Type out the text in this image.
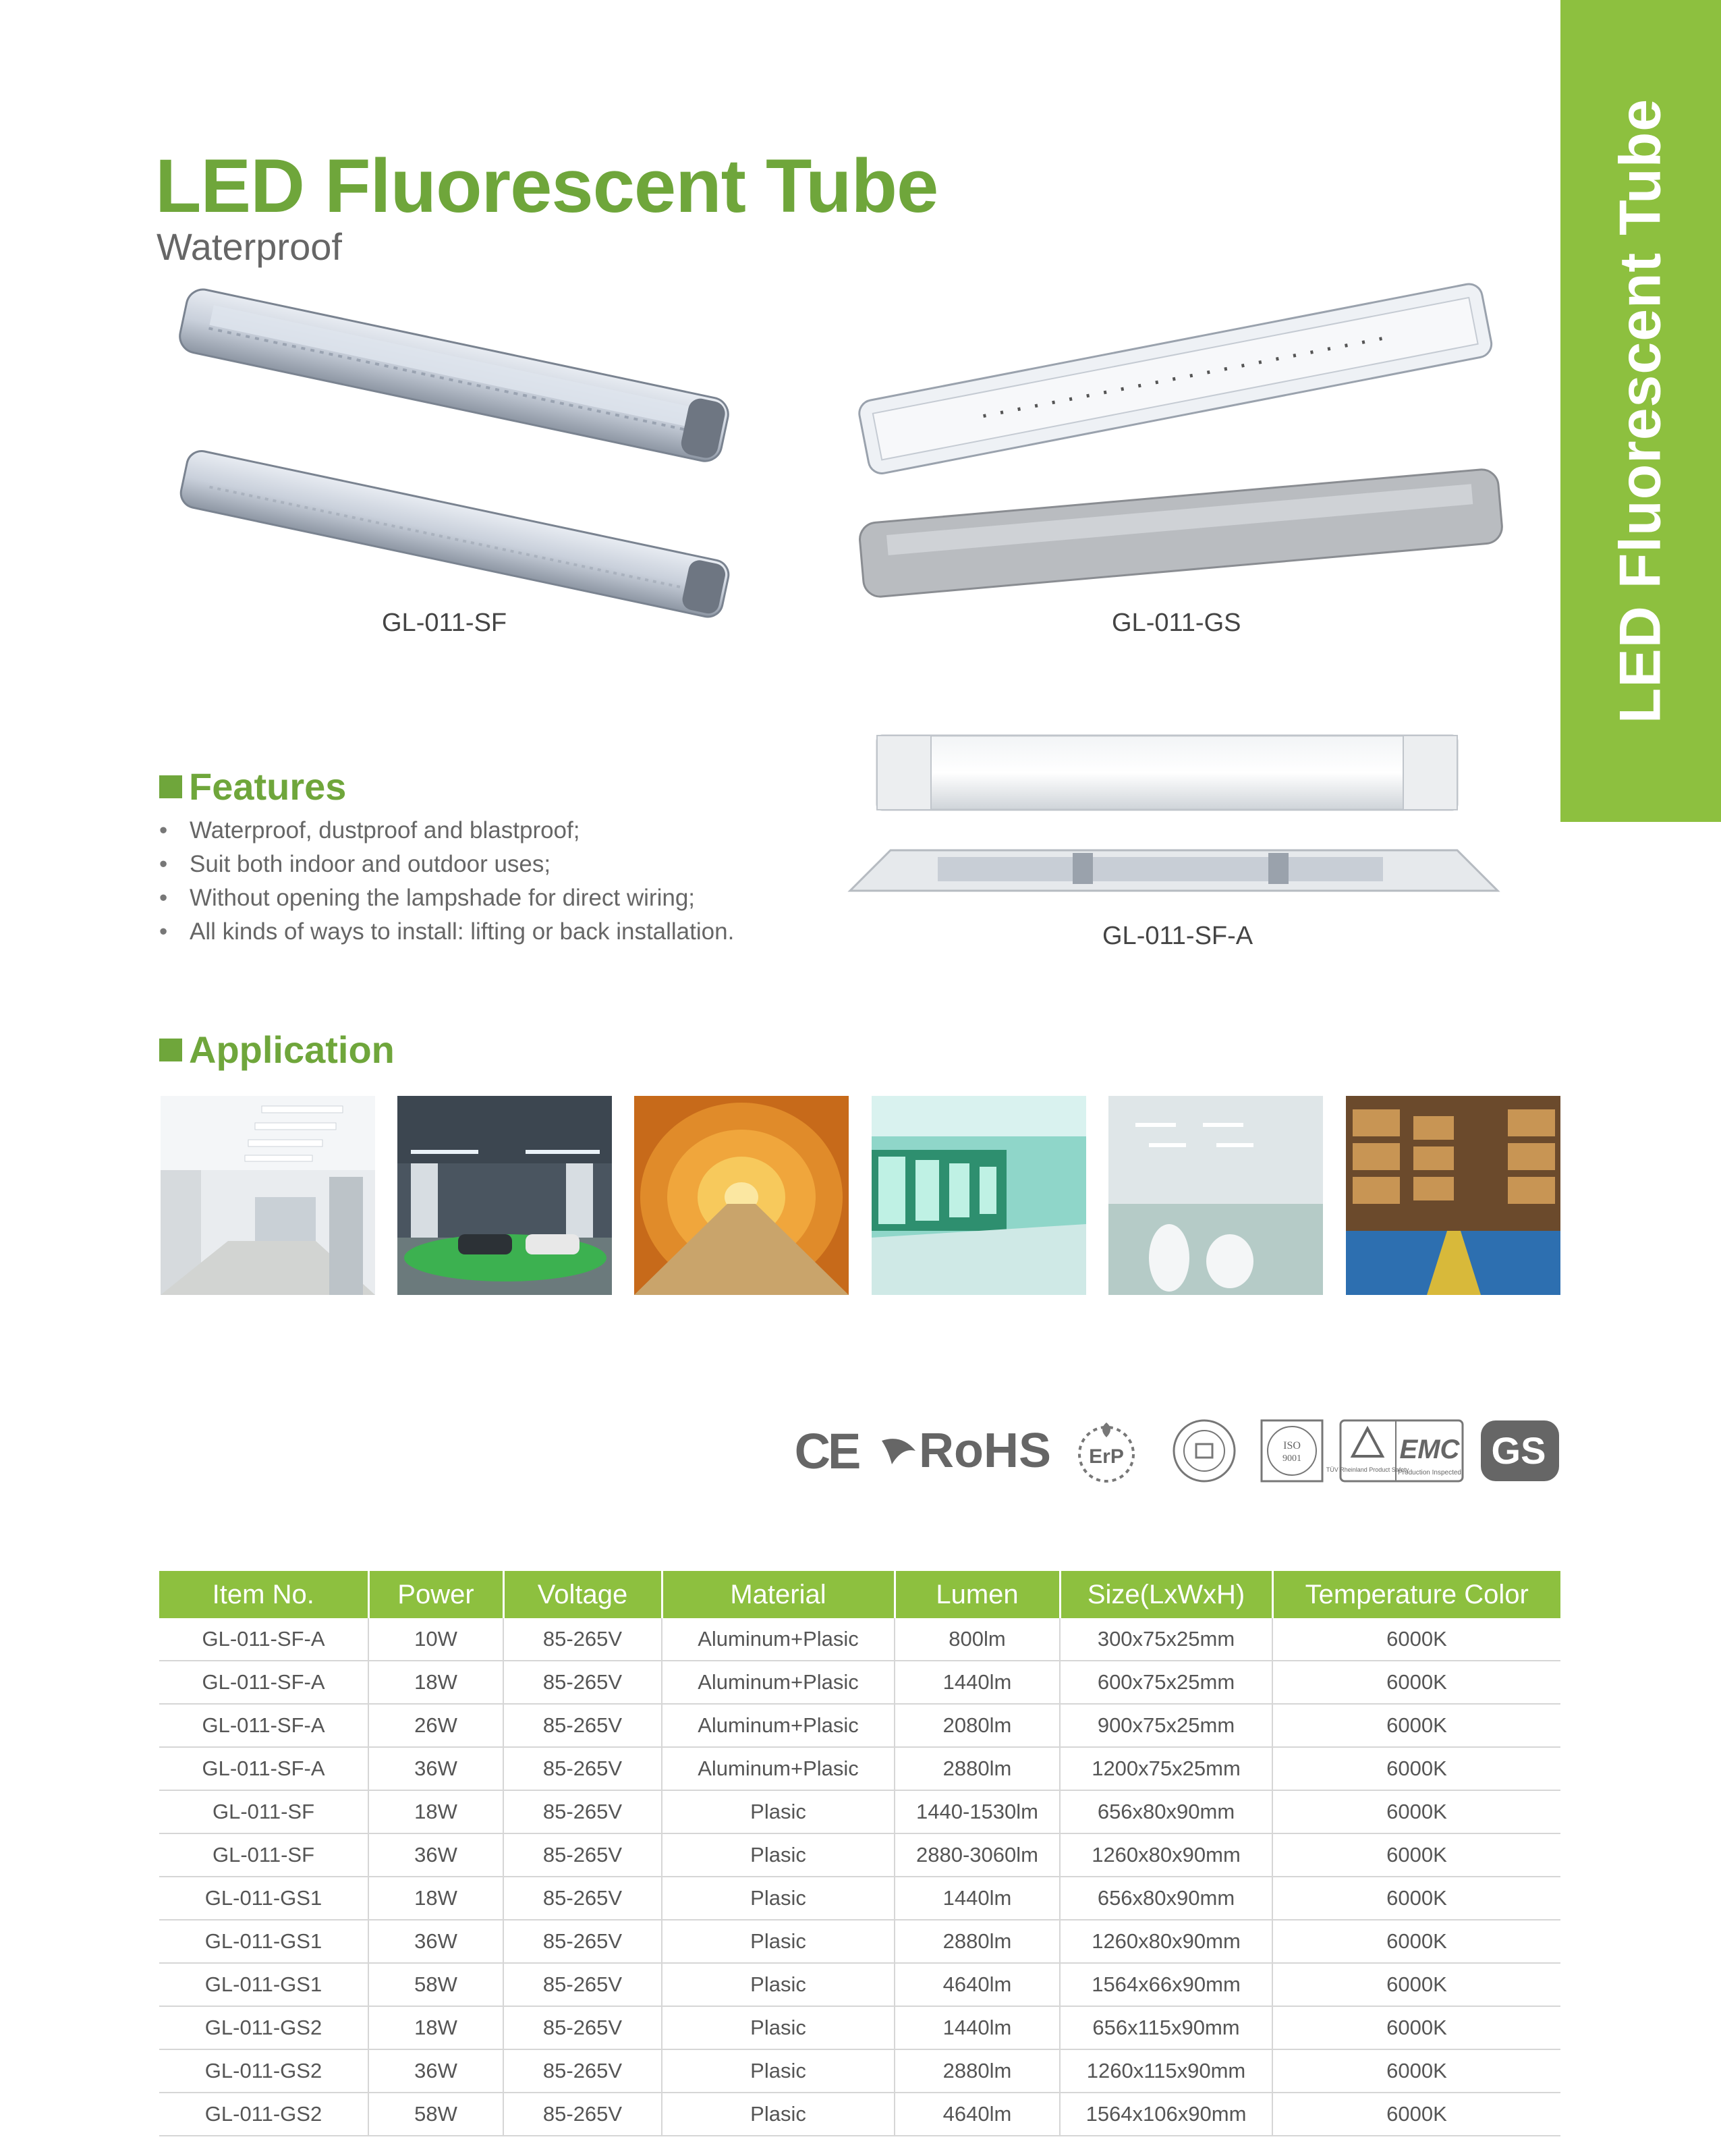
LED Fluorescent Tube
LED Fluorescent Tube
Waterproof
GL-011-SF	GL-011-GS
GL-011-SF-A
Features
• Waterproof, dustproof and blastproof;
• Suit both indoor and outdoor uses;
• Without opening the lampshade for direct wiring;
• All kinds of ways to install: lifting or back installation.
Application
CE RoHS ErP	ISO
9001
TÜV Rheinland Product Safety
EMC
Production Inspected
GS
Item No.	Power	Voltage	Material	Lumen	Size(LxWxH)	Temperature Color
GL-011-SF-A	10W	85-265V	Aluminum+Plasic	800lm	300x75x25mm	6000K
GL-011-SF-A	18W	85-265V	Aluminum+Plasic	1440lm	600x75x25mm	6000K
GL-011-SF-A	26W	85-265V	Aluminum+Plasic	2080lm	900x75x25mm	6000K
GL-011-SF-A	36W	85-265V	Aluminum+Plasic	2880lm	1200x75x25mm	6000K
GL-011-SF	18W	85-265V	Plasic	1440-1530lm	656x80x90mm	6000K
GL-011-SF	36W	85-265V	Plasic	2880-3060lm	1260x80x90mm	6000K
GL-011-GS1	18W	85-265V	Plasic	1440lm	656x80x90mm	6000K
GL-011-GS1	36W	85-265V	Plasic	2880lm	1260x80x90mm	6000K
GL-011-GS1	58W	85-265V	Plasic	4640lm	1564x66x90mm	6000K
GL-011-GS2	18W	85-265V	Plasic	1440lm	656x115x90mm	6000K
GL-011-GS2	36W	85-265V	Plasic	2880lm	1260x115x90mm	6000K
GL-011-GS2	58W	85-265V	Plasic	4640lm	1564x106x90mm	6000K
